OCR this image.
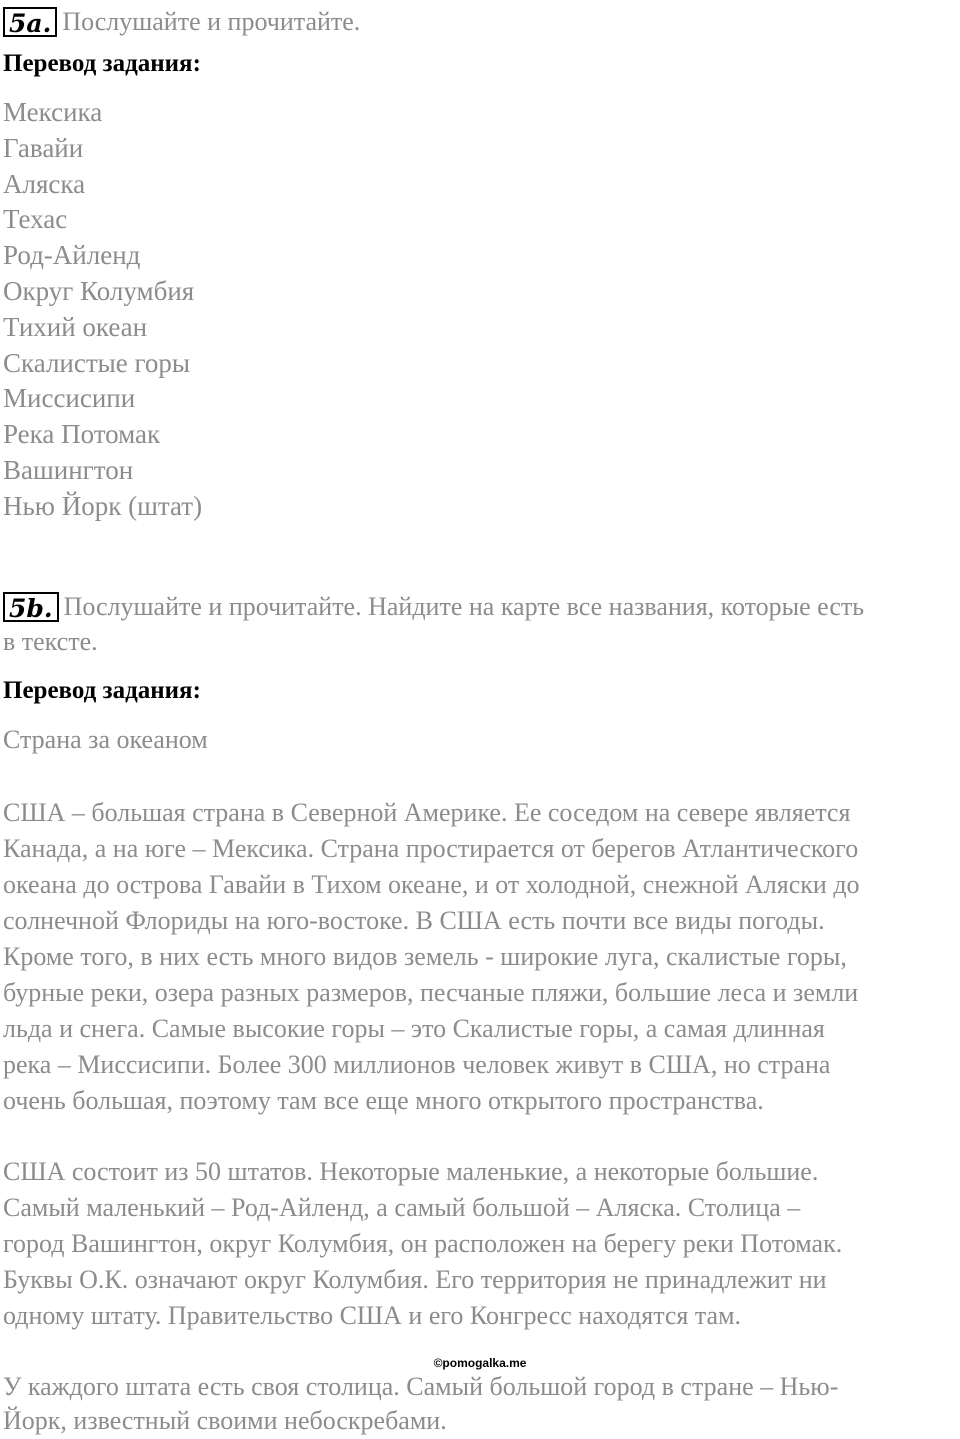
5a. Послушайте и прочитайте.
Перевод задания:
Мексика
Гавайи
Аляска
Техас
Род-Айленд
Округ Колумбия
Тихий океан
Скалистые горы
Миссисипи
Река Потомак
Вашингтон
Нью Йорк (штат)
5b. Послушайте и прочитайте. Найдите на карте все названия, которые есть
в тексте.
Перевод задания:
Страна за океаном
США – большая страна в Северной Америке. Ее соседом на севере является
Канада, а на юге – Мексика. Страна простирается от берегов Атлантического
океана до острова Гавайи в Тихом океане, и от холодной, снежной Аляски до
солнечной Флориды на юго-востоке. В США есть почти все виды погоды.
Кроме того, в них есть много видов земель - широкие луга, скалистые горы,
бурные реки, озера разных размеров, песчаные пляжи, большие леса и земли
льда и снега. Самые высокие горы – это Скалистые горы, а самая длинная
река – Миссисипи. Более 300 миллионов человек живут в США, но страна
очень большая, поэтому там все еще много открытого пространства.
США состоит из 50 штатов. Некоторые маленькие, а некоторые большие.
Самый маленький – Род-Айленд, а самый большой – Аляска. Столица –
город Вашингтон, округ Колумбия, он расположен на берегу реки Потомак.
Буквы О.К. означают округ Колумбия. Его территория не принадлежит ни
одному штату. Правительство США и его Конгресс находятся там.
©pomogalka.me
У каждого штата есть своя столица. Самый большой город в стране – Нью-
Йорк, известный своими небоскребами.
